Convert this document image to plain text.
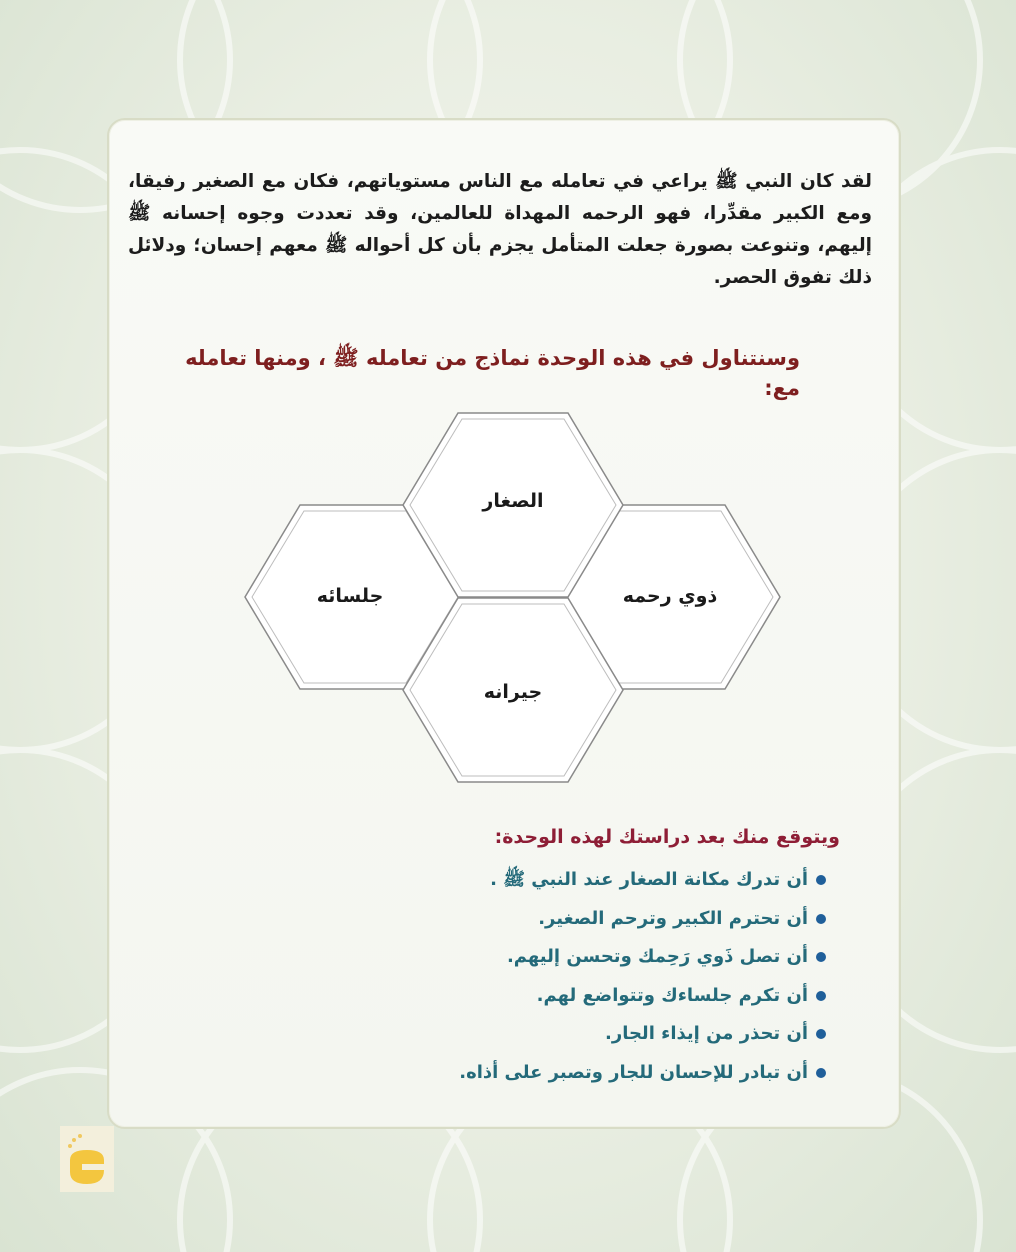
لقد كان النبي ﷺ يراعي في تعامله مع الناس مستوياتهم، فكان مع الصغير رفيقا، ومع الكبير مقدِّرا، فهو الرحمه المهداة للعالمين، وقد تعددت وجوه إحسانه ﷺ إليهم، وتنوعت بصورة جعلت المتأمل يجزم بأن كل أحواله ﷺ معهم إحسان؛ ودلائل ذلك تفوق الحصر.

وسنتناول في هذه الوحدة نماذج من تعامله ﷺ ، ومنها تعامله مع:
الصغار
جلسائه	ذوي رحمه
جيرانه
ويتوقع منك بعد دراستك لهذه الوحدة:
أن تدرك مكانة الصغار عند النبي ﷺ .
أن تحترم الكبير وترحم الصغير.
أن تصل ذَوي رَحِمك وتحسن إليهم.
أن تكرم جلساءك وتتواضع لهم.
أن تحذر من إيذاء الجار.
أن تبادر للإحسان للجار وتصبر على أذاه.
